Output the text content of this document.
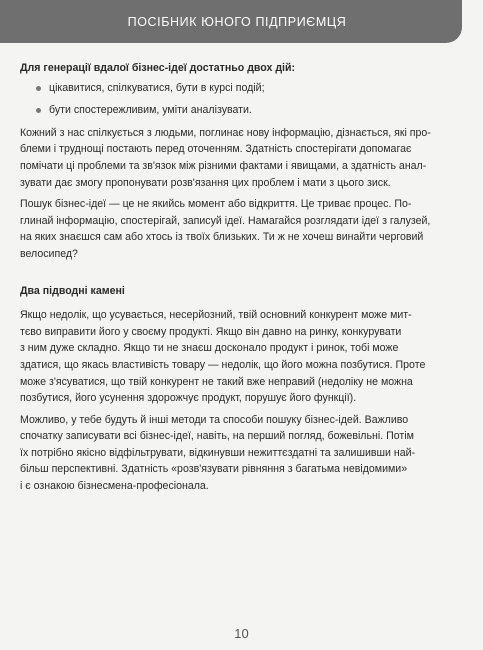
ПОСІБНИК ЮНОГО ПІДПРИЄМЦЯ

Для генерації вдалої бізнес-ідеї достатньо двох дій:

цікавитися, спілкуватися, бути в курсі подій;
бути спостережливим, уміти аналізувати.
Кожний з нас спілкується з людьми, поглинає нову інформацію, дізнається, які про-
блеми і труднощі постають перед оточенням. Здатність спостерігати допомагає
помічати ці проблеми та зв'язок між різними фактами і явищами, а здатність анал-
зувати дає змогу пропонувати розв'язання цих проблем і мати з цього зиск.
Пошук бізнес-ідеї — це не якийсь момент або відкриття. Це триває процес. По-
глинай інформацію, спостерігай, записуй ідеї. Намагайся розглядати ідеї з галузей,
на яких знаєшся сам або хтось із твоїх близьких. Ти ж не хочеш винайти черговий
велосипед?

Два підводні камені

Якщо недолік, що усувається, несерйозний, твій основний конкурент може мит-
тєво виправити його у своєму продукті. Якщо він давно на ринку, конкурувати
з ним дуже складно. Якщо ти не знаєш досконало продукт і ринок, тобі може
здатися, що якась властивість товару — недолік, що його можна позбутися. Проте
може з'ясуватися, що твій конкурент не такий вже неправий (недоліку не можна
позбутися, його усунення здорожчує продукт, порушує його функції).
Можливо, у тебе будуть й інші методи та способи пошуку бізнес-ідей. Важливо
спочатку записувати всі бізнес-ідеї, навіть, на перший погляд, божевільні. Потім
їх потрібно якісно відфільтрувати, відкинувши нежиттєздатні та залишивши най-
більш перспективні. Здатність «розв'язувати рівняння з багатьма невідомими»
і є ознакою бізнесмена-професіонала.
10
